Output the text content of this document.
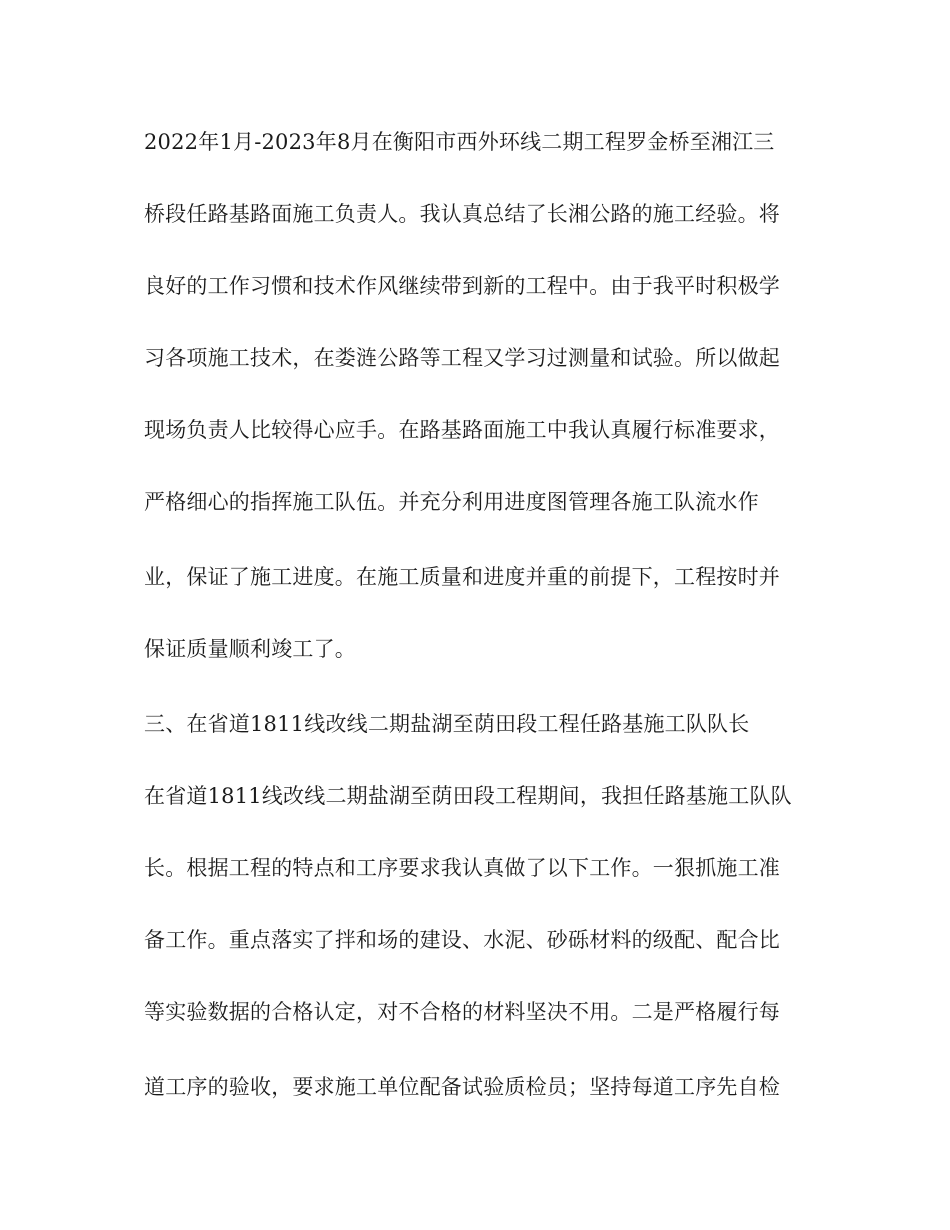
2022年1月-2023年8月在衡阳市西外环线二期工程罗金桥至湘江三
桥段任路基路面施工负责人。我认真总结了长湘公路的施工经验。将
良好的工作习惯和技术作风继续带到新的工程中。由于我平时积极学
习各项施工技术，在娄涟公路等工程又学习过测量和试验。所以做起
现场负责人比较得心应手。在路基路面施工中我认真履行标准要求，
严格细心的指挥施工队伍。并充分利用进度图管理各施工队流水作
业，保证了施工进度。在施工质量和进度并重的前提下，工程按时并
保证质量顺利竣工了。
三、在省道1811线改线二期盐湖至荫田段工程任路基施工队队长
在省道1811线改线二期盐湖至荫田段工程期间，我担任路基施工队队
长。根据工程的特点和工序要求我认真做了以下工作。一狠抓施工准
备工作。重点落实了拌和场的建设、水泥、砂砾材料的级配、配合比
等实验数据的合格认定，对不合格的材料坚决不用。二是严格履行每
道工序的验收，要求施工单位配备试验质检员；坚持每道工序先自检
